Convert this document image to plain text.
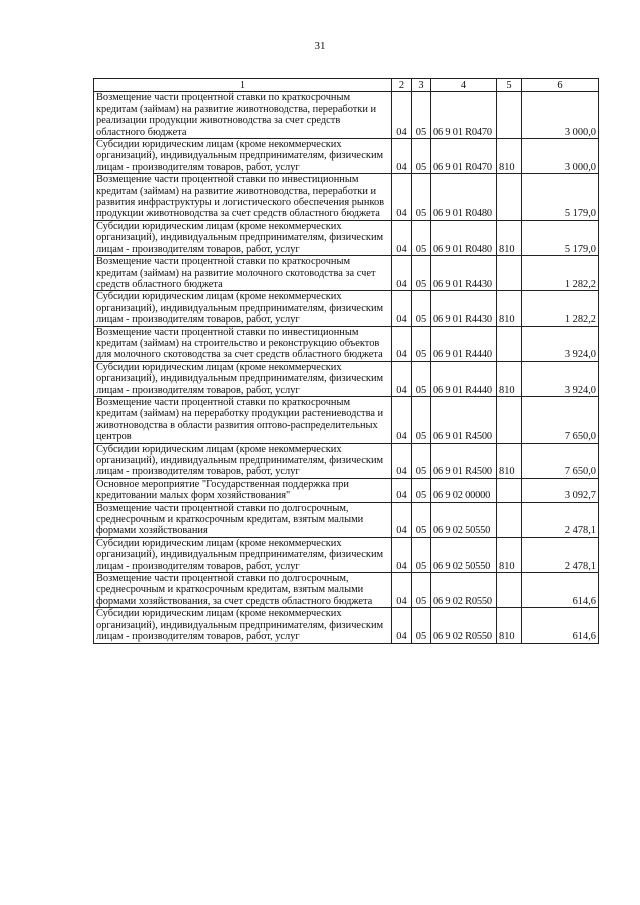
31
1	2	3	4	5	6
Возмещение части процентной ставки по краткосрочным кредитам (займам) на развитие животноводства, переработки и реализации продукции животноводства за счет средств областного бюджета	04	05	06 9 01 R0470		3 000,0
Субсидии юридическим лицам (кроме некоммерческих организаций), индивидуальным предпринимателям, физическим лицам - производителям товаров, работ, услуг	04	05	06 9 01 R0470	810	3 000,0
Возмещение части процентной ставки по инвестиционным кредитам (займам) на развитие животноводства, переработки и развития инфраструктуры и логистического обеспечения рынков продукции животноводства за счет средств областного бюджета	04	05	06 9 01 R0480		5 179,0
Субсидии юридическим лицам (кроме некоммерческих организаций), индивидуальным предпринимателям, физическим лицам - производителям товаров, работ, услуг	04	05	06 9 01 R0480	810	5 179,0
Возмещение части процентной ставки по краткосрочным кредитам (займам) на развитие молочного скотоводства за счет средств областного бюджета	04	05	06 9 01 R4430		1 282,2
Субсидии юридическим лицам (кроме некоммерческих организаций), индивидуальным предпринимателям, физическим лицам - производителям товаров, работ, услуг	04	05	06 9 01 R4430	810	1 282,2
Возмещение части процентной ставки по инвестиционным кредитам (займам) на строительство и реконструкцию объектов для молочного скотоводства за счет средств областного бюджета	04	05	06 9 01 R4440		3 924,0
Субсидии юридическим лицам (кроме некоммерческих организаций), индивидуальным предпринимателям, физическим лицам - производителям товаров, работ, услуг	04	05	06 9 01 R4440	810	3 924,0
Возмещение части процентной ставки по краткосрочным кредитам (займам) на переработку продукции растениеводства и животноводства в области развития оптово-распределительных центров	04	05	06 9 01 R4500		7 650,0
Субсидии юридическим лицам (кроме некоммерческих организаций), индивидуальным предпринимателям, физическим лицам - производителям товаров, работ, услуг	04	05	06 9 01 R4500	810	7 650,0
Основное мероприятие "Государственная поддержка при кредитовании малых форм хозяйствования"	04	05	06 9 02 00000		3 092,7
Возмещение части процентной ставки по долгосрочным, среднесрочным и краткосрочным кредитам, взятым малыми формами хозяйствования	04	05	06 9 02 50550		2 478,1
Субсидии юридическим лицам (кроме некоммерческих организаций), индивидуальным предпринимателям, физическим лицам - производителям товаров, работ, услуг	04	05	06 9 02 50550	810	2 478,1
Возмещение части процентной ставки по долгосрочным, среднесрочным и краткосрочным кредитам, взятым малыми формами хозяйствования, за счет средств областного бюджета	04	05	06 9 02 R0550		614,6
Субсидии юридическим лицам (кроме некоммерческих организаций), индивидуальным предпринимателям, физическим лицам - производителям товаров, работ, услуг	04	05	06 9 02 R0550	810	614,6
